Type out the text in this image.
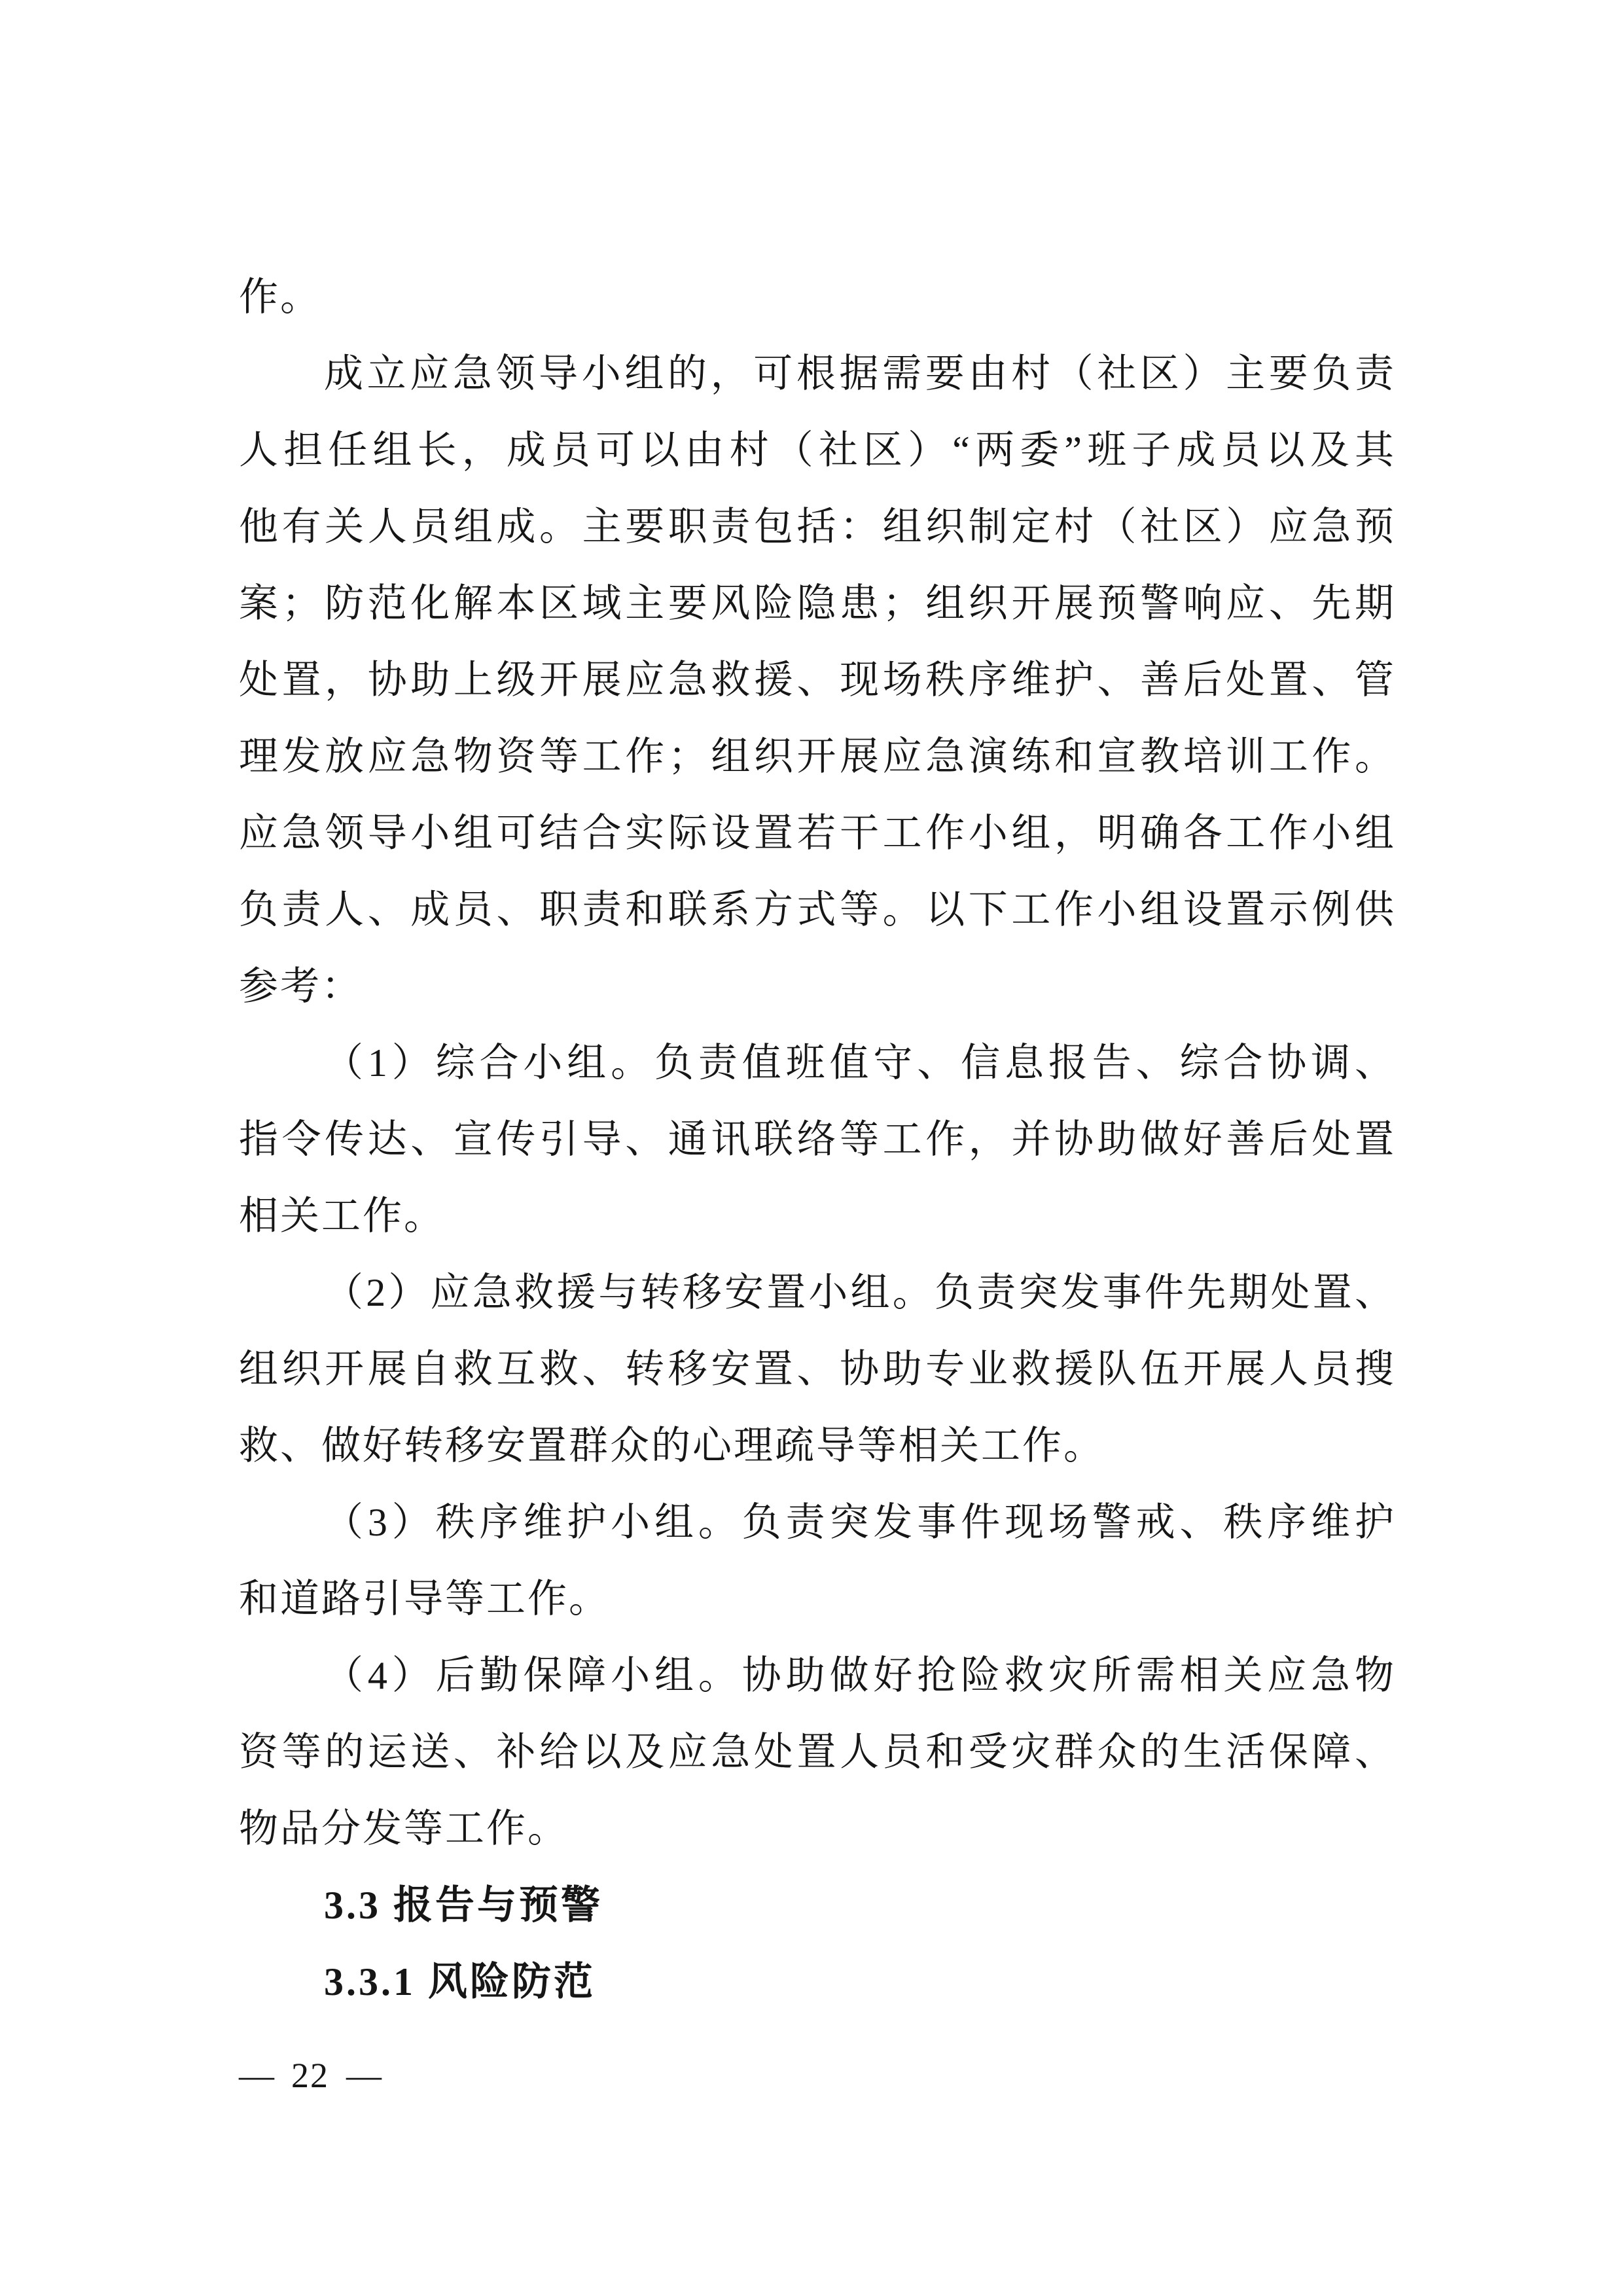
作。
成立应急领导小组的，可根据需要由村（社区）主要负责
人担任组长，成员可以由村（社区）“两委”班子成员以及其
他有关人员组成。主要职责包括：组织制定村（社区）应急预
案；防范化解本区域主要风险隐患；组织开展预警响应、先期
处置，协助上级开展应急救援、现场秩序维护、善后处置、管
理发放应急物资等工作；组织开展应急演练和宣教培训工作。
应急领导小组可结合实际设置若干工作小组，明确各工作小组
负责人、成员、职责和联系方式等。以下工作小组设置示例供
参考：
（1）综合小组。负责值班值守、信息报告、综合协调、
指令传达、宣传引导、通讯联络等工作，并协助做好善后处置
相关工作。
（2）应急救援与转移安置小组。负责突发事件先期处置、
组织开展自救互救、转移安置、协助专业救援队伍开展人员搜
救、做好转移安置群众的心理疏导等相关工作。
（3）秩序维护小组。负责突发事件现场警戒、秩序维护
和道路引导等工作。
（4）后勤保障小组。协助做好抢险救灾所需相关应急物
资等的运送、补给以及应急处置人员和受灾群众的生活保障、
物品分发等工作。
3.3 报告与预警
3.3.1 风险防范
— 22 —
